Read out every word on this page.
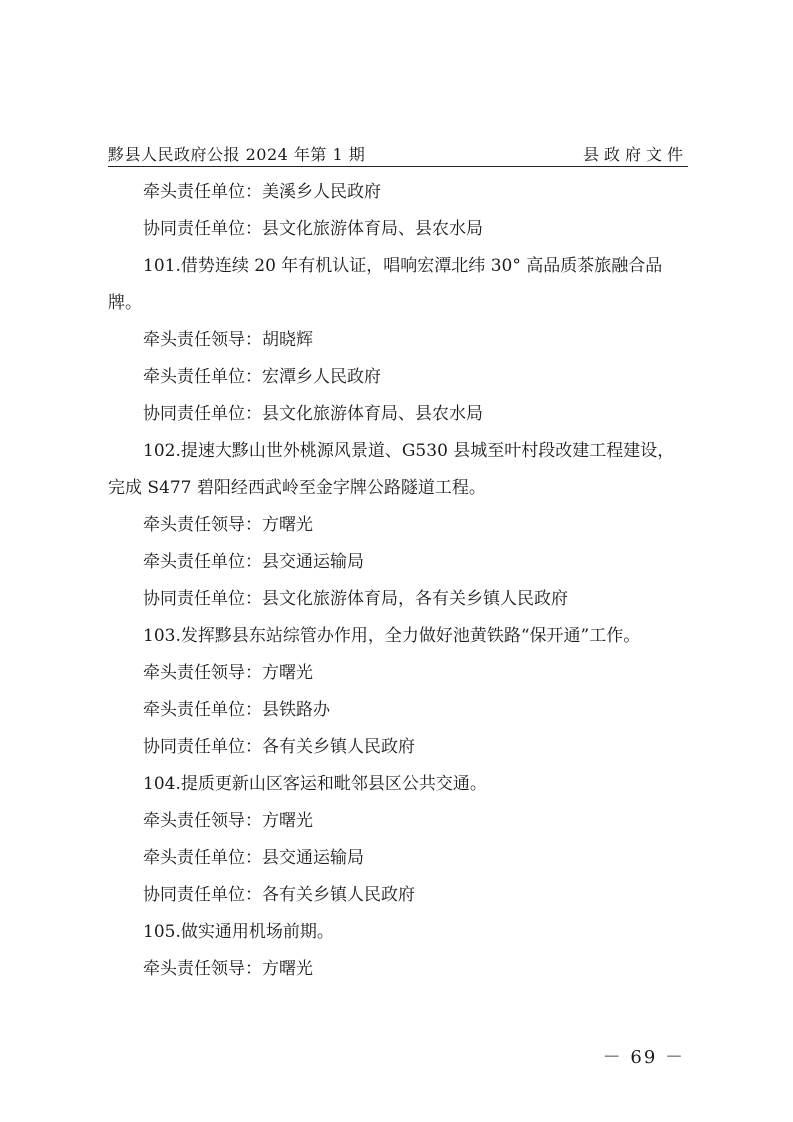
黟县人民政府公报 2024 年第 1 期	县政府文件
牵头责任单位：美溪乡人民政府
协同责任单位：县文化旅游体育局、县农水局
101.借势连续 20 年有机认证，唱响宏潭北纬 30° 高品质茶旅融合品
牌。
牵头责任领导：胡晓辉
牵头责任单位：宏潭乡人民政府
协同责任单位：县文化旅游体育局、县农水局
102.提速大黟山世外桃源风景道、G530 县城至叶村段改建工程建设，
完成 S477 碧阳经西武岭至金字牌公路隧道工程。
牵头责任领导：方曙光
牵头责任单位：县交通运输局
协同责任单位：县文化旅游体育局，各有关乡镇人民政府
103.发挥黟县东站综管办作用，全力做好池黄铁路“保开通”工作。
牵头责任领导：方曙光
牵头责任单位：县铁路办
协同责任单位：各有关乡镇人民政府
104.提质更新山区客运和毗邻县区公共交通。
牵头责任领导：方曙光
牵头责任单位：县交通运输局
协同责任单位：各有关乡镇人民政府
105.做实通用机场前期。
牵头责任领导：方曙光
－ 69 －
